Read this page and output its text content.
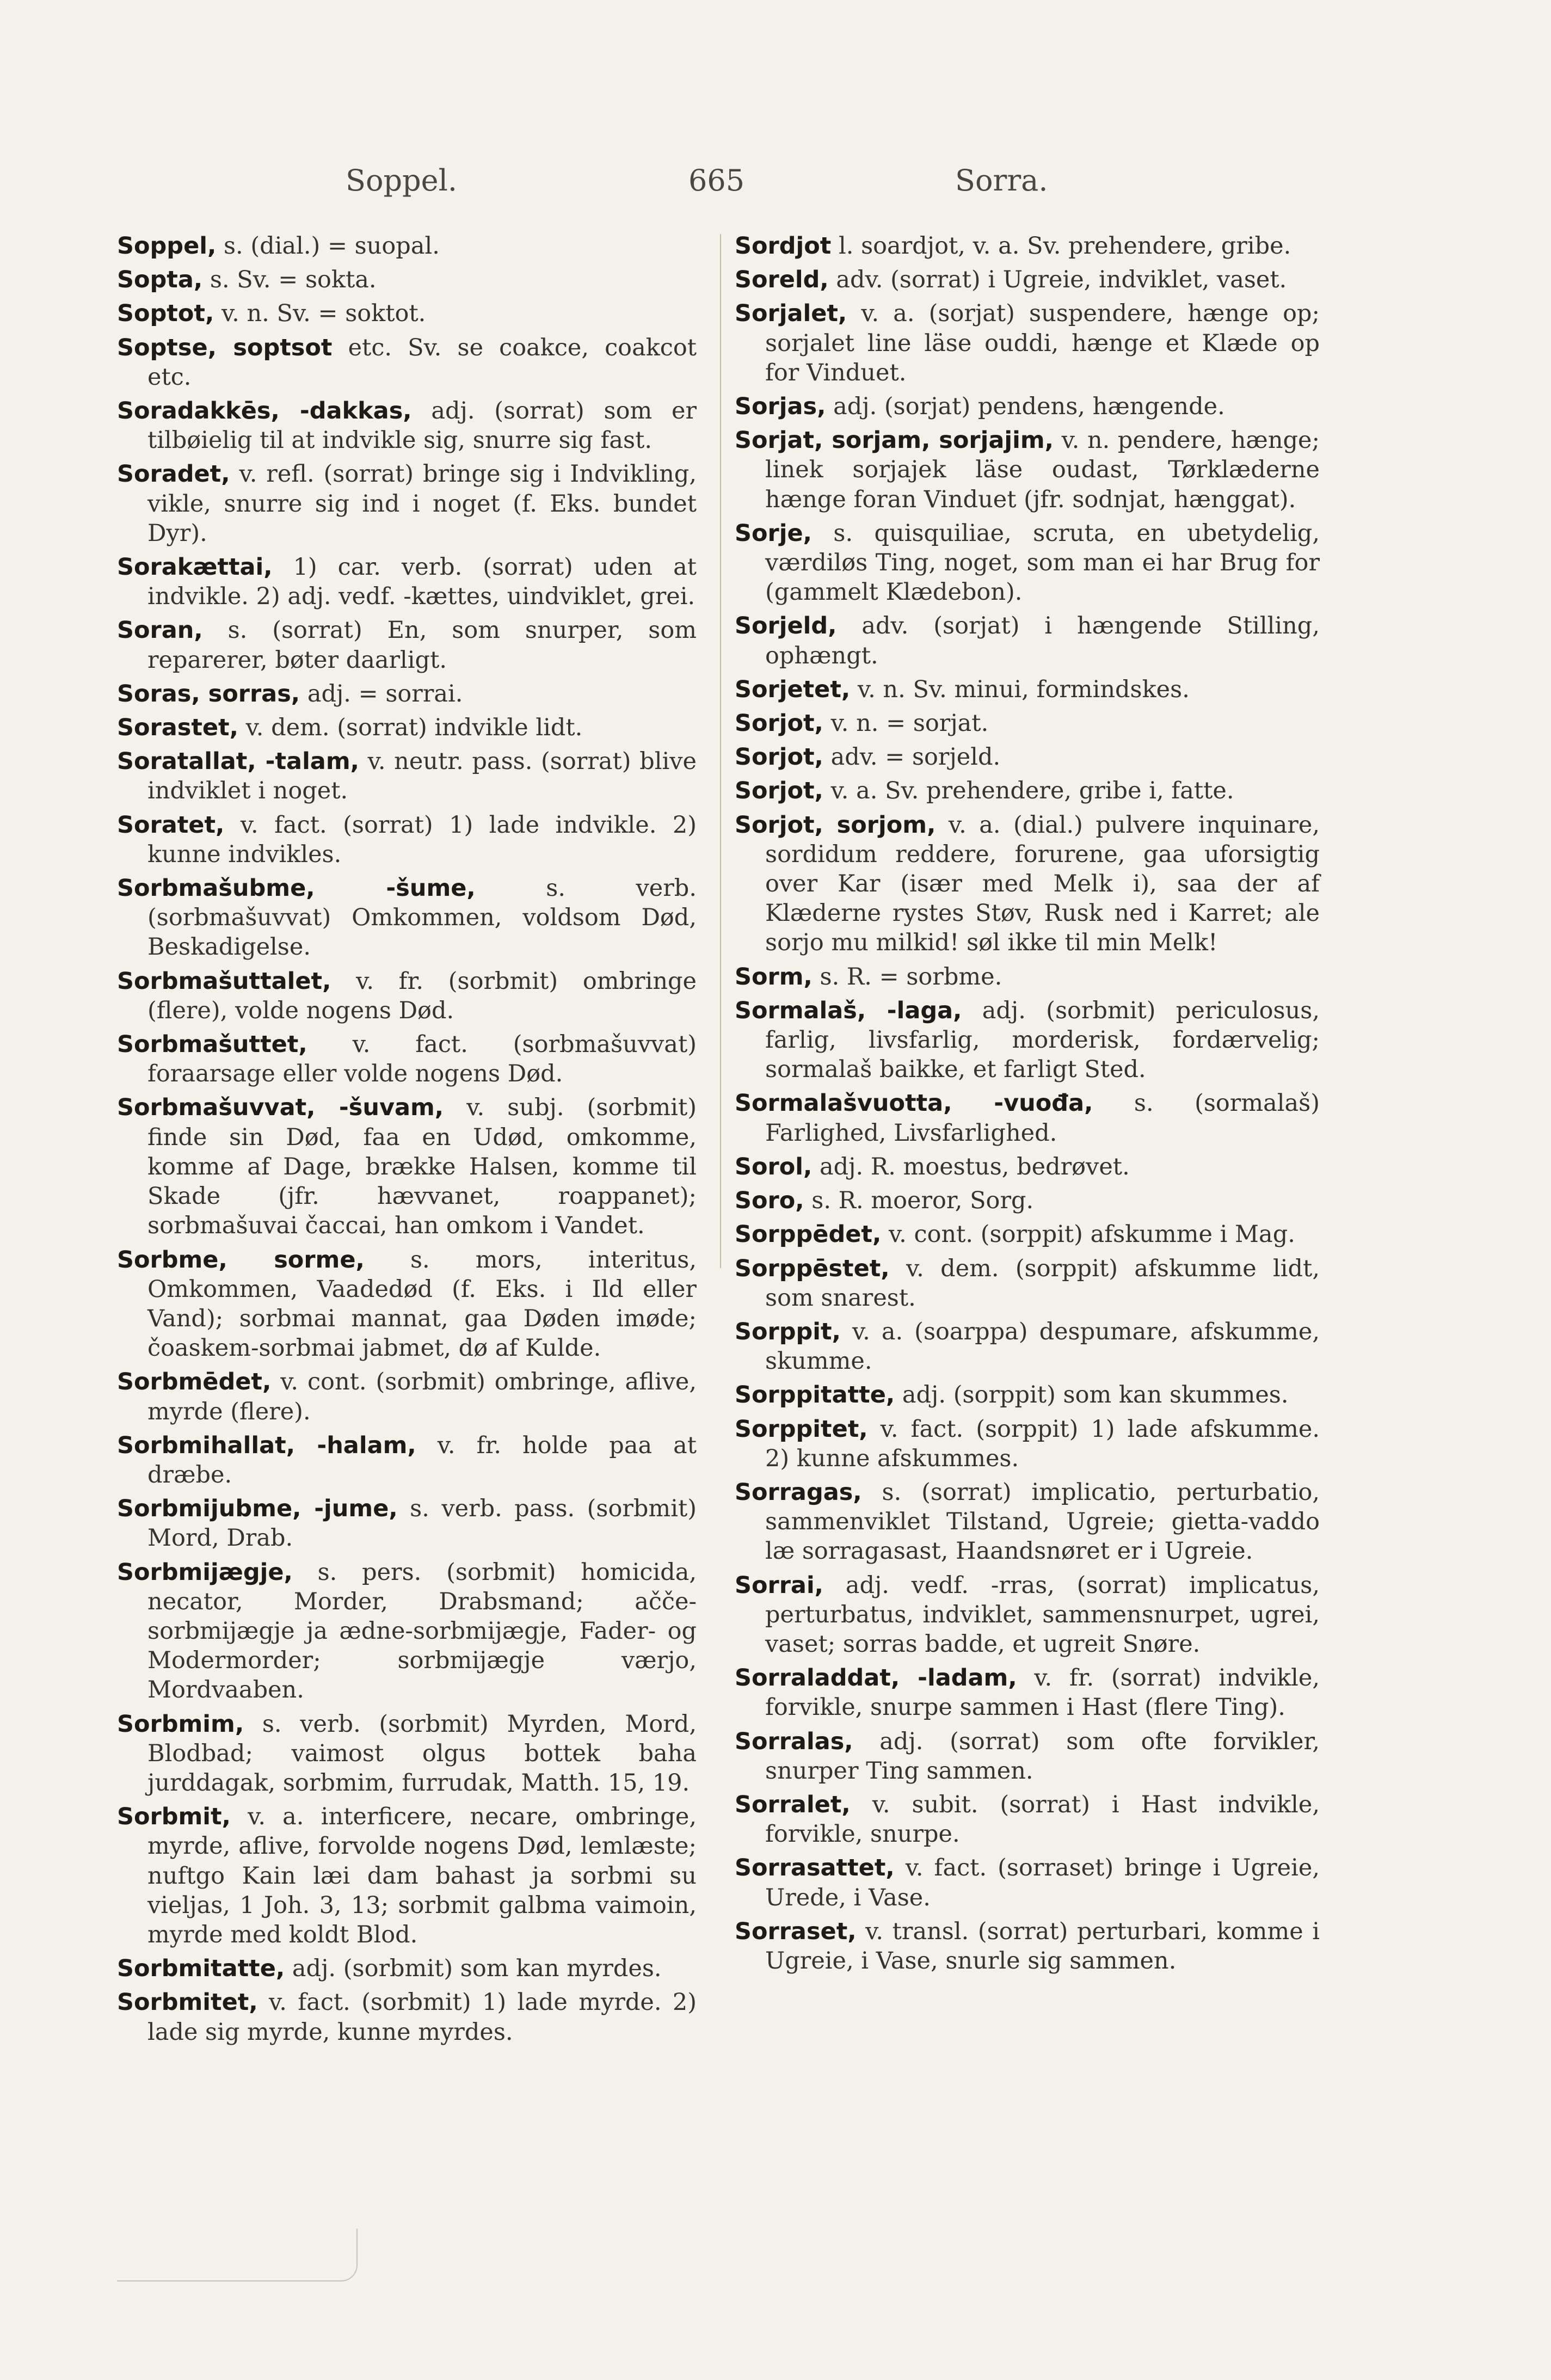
Soppel.	665	Sorra.

Soppel, s. (dial.) = suopal.

Sopta, s. Sv. = sokta.

Soptot, v. n. Sv. = soktot.

Soptse, soptsot etc. Sv. se coakce, coakcot etc.

Soradakkēs, -dakkas, adj. (sorrat) som er tilbøielig til at indvikle sig, snurre sig fast.

Soradet, v. refl. (sorrat) bringe sig i Indvikling, vikle, snurre sig ind i noget (f. Eks. bundet Dyr).

Sorakættai, 1) car. verb. (sorrat) uden at indvikle. 2) adj. vedf. -kættes, uindviklet, grei.

Soran, s. (sorrat) En, som snurper, som reparerer, bøter daarligt.

Soras, sorras, adj. = sorrai.

Sorastet, v. dem. (sorrat) indvikle lidt.

Soratallat, -talam, v. neutr. pass. (sorrat) blive indviklet i noget.

Soratet, v. fact. (sorrat) 1) lade indvikle. 2) kunne indvikles.

Sorbmašubme, -šume,	s. verb. (sorbmašuvvat) Omkommen, voldsom Død, Beskadigelse.

Sorbmašuttalet, v. fr. (sorbmit) ombringe (flere), volde nogens Død.

Sorbmašuttet, v. fact. (sorbmašuvvat) foraarsage eller volde nogens Død.

Sorbmašuvvat, -šuvam, v. subj. (sorbmit) finde sin Død, faa en Udød, omkomme, komme af Dage, brække Halsen, komme til Skade (jfr. hævvanet, roappanet); sorbmašuvai čaccai, han omkom i Vandet.

Sorbme, sorme, s. mors, interitus, Omkommen, Vaadedød (f. Eks. i Ild eller Vand); sorbmai mannat, gaa Døden imøde; čoaskem-sorbmai jabmet, dø af Kulde.

Sorbmēdet, v. cont. (sorbmit) ombringe, aflive, myrde (flere).

Sorbmihallat, -halam, v. fr. holde paa at dræbe.

Sorbmijubme, -jume, s. verb. pass. (sorbmit) Mord, Drab.

Sorbmijægje, s. pers. (sorbmit) homicida, necator, Morder, Drabsmand; ačče-sorbmijægje ja ædne-sorbmijægje, Fader- og Modermorder; sorbmijægje værjo, Mordvaaben.

Sorbmim, s. verb. (sorbmit) Myrden, Mord, Blodbad; vaimost olgus bottek baha jurddagak, sorbmim, furrudak, Matth. 15, 19.

Sorbmit, v. a. interficere, necare, ombringe, myrde, aflive, forvolde nogens Død, lemlæste; nuftgo Kain læi dam bahast ja sorbmi su vieljas, 1 Joh. 3, 13; sorbmit galbma vaimoin, myrde med koldt Blod.

Sorbmitatte, adj. (sorbmit) som kan myrdes.

Sorbmitet, v. fact. (sorbmit) 1) lade myrde. 2) lade sig myrde, kunne myrdes.

Sordjot l. soardjot, v. a. Sv. prehendere, gribe.

Soreld, adv. (sorrat) i Ugreie, indviklet, vaset.

Sorjalet, v. a. (sorjat) suspendere, hænge op; sorjalet line läse ouddi, hænge et Klæde op for Vinduet.

Sorjas, adj. (sorjat) pendens, hængende.

Sorjat, sorjam, sorjajim, v. n. pendere, hænge; linek sorjajek läse oudast, Tørklæderne hænge foran Vinduet (jfr. sodnjat, hænggat).

Sorje, s. quisquiliae, scruta, en ubetydelig, værdiløs Ting, noget, som man ei har Brug for (gammelt Klædebon).

Sorjeld, adv. (sorjat) i hængende Stilling, ophængt.

Sorjetet, v. n. Sv. minui, formindskes.

Sorjot, v. n. = sorjat.

Sorjot, adv. = sorjeld.

Sorjot, v. a. Sv. prehendere, gribe i, fatte.

Sorjot, sorjom, v. a. (dial.) pulvere inquinare, sordidum reddere, forurene, gaa uforsigtig over Kar (især med Melk i), saa der af Klæderne rystes Støv, Rusk ned i Karret; ale sorjo mu milkid! søl ikke til min Melk!

Sorm, s. R. = sorbme.

Sormalaš, -laga, adj. (sorbmit) periculosus, farlig, livsfarlig, morderisk, fordærvelig; sormalaš baikke, et farligt Sted.

Sormalašvuotta, -vuođa, s. (sormalaš) Farlighed, Livsfarlighed.

Sorol, adj. R. moestus, bedrøvet.

Soro, s. R. moeror, Sorg.

Sorppēdet, v. cont. (sorppit) afskumme i Mag.

Sorppēstet, v. dem. (sorppit) afskumme lidt, som snarest.

Sorppit, v. a. (soarppa) despumare, afskumme, skumme.

Sorppitatte, adj. (sorppit) som kan skummes.

Sorppitet, v. fact. (sorppit) 1) lade afskumme. 2) kunne afskummes.

Sorragas, s. (sorrat) implicatio, perturbatio, sammenviklet Tilstand, Ugreie; gietta-vaddo læ sorragasast, Haandsnøret er i Ugreie.

Sorrai, adj. vedf. -rras, (sorrat) implicatus, perturbatus, indviklet, sammensnurpet, ugrei, vaset; sorras badde, et ugreit Snøre.

Sorraladdat, -ladam, v. fr. (sorrat) indvikle, forvikle, snurpe sammen i Hast (flere Ting).

Sorralas, adj. (sorrat) som ofte forvikler, snurper Ting sammen.

Sorralet, v. subit. (sorrat) i Hast indvikle, forvikle, snurpe.

Sorrasattet, v. fact. (sorraset) bringe i Ugreie, Urede, i Vase.

Sorraset, v. transl. (sorrat) perturbari, komme i Ugreie, i Vase, snurle sig sammen.
